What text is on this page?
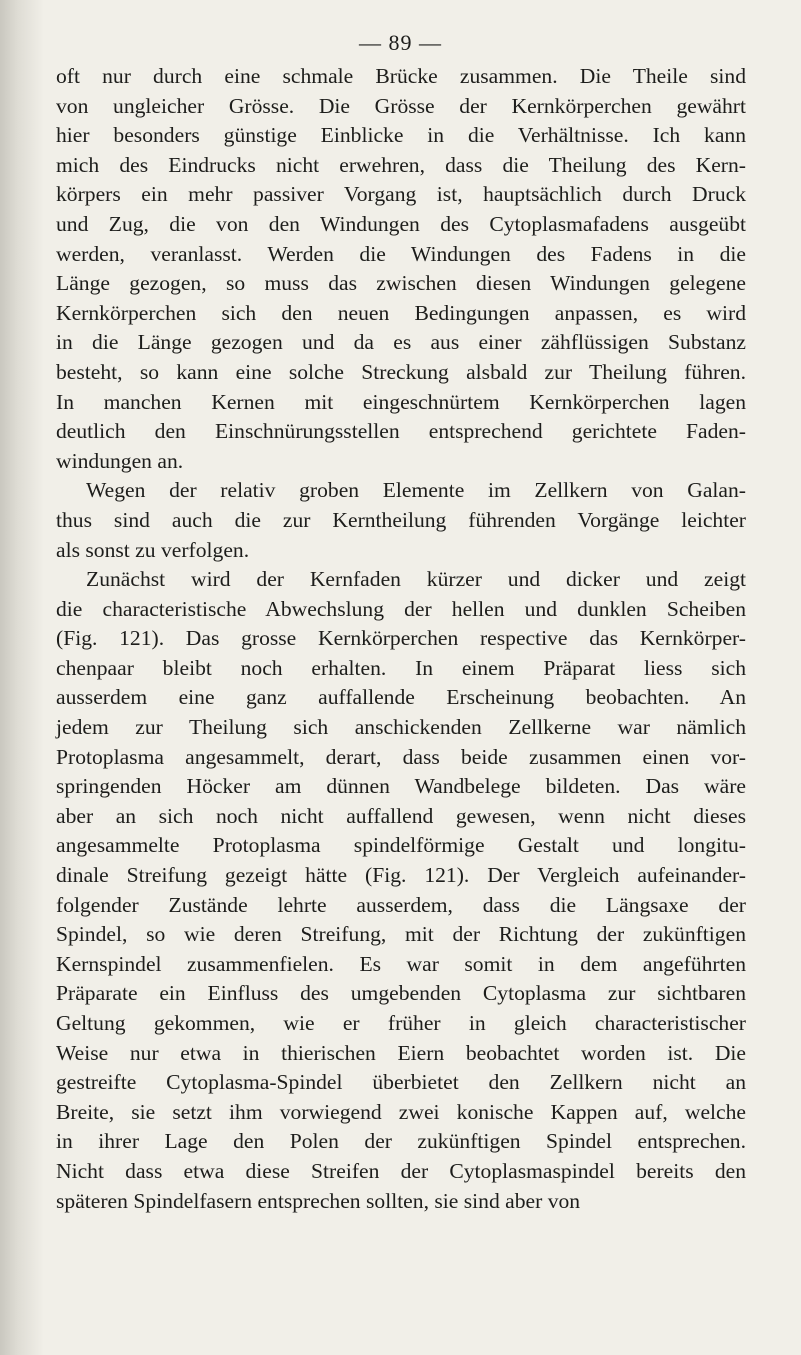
— 89 —
oft nur durch eine schmale Brücke zusammen. Die Theile sind
von ungleicher Grösse. Die Grösse der Kernkörperchen gewährt
hier besonders günstige Einblicke in die Verhältnisse. Ich kann
mich des Eindrucks nicht erwehren, dass die Theilung des Kern-
körpers ein mehr passiver Vorgang ist, hauptsächlich durch Druck
und Zug, die von den Windungen des Cytoplasmafadens ausgeübt
werden, veranlasst. Werden die Windungen des Fadens in die
Länge gezogen, so muss das zwischen diesen Windungen gelegene
Kernkörperchen sich den neuen Bedingungen anpassen, es wird
in die Länge gezogen und da es aus einer zähflüssigen Substanz
besteht, so kann eine solche Streckung alsbald zur Theilung führen.
In manchen Kernen mit eingeschnürtem Kernkörperchen lagen
deutlich den Einschnürungsstellen entsprechend gerichtete Faden-
windungen an.
Wegen der relativ groben Elemente im Zellkern von Galan-
thus sind auch die zur Kerntheilung führenden Vorgänge leichter
als sonst zu verfolgen.
Zunächst wird der Kernfaden kürzer und dicker und zeigt
die characteristische Abwechslung der hellen und dunklen Scheiben
(Fig. 121). Das grosse Kernkörperchen respective das Kernkörper-
chenpaar bleibt noch erhalten. In einem Präparat liess sich
ausserdem eine ganz auffallende Erscheinung beobachten. An
jedem zur Theilung sich anschickenden Zellkerne war nämlich
Protoplasma angesammelt, derart, dass beide zusammen einen vor-
springenden Höcker am dünnen Wandbelege bildeten. Das wäre
aber an sich noch nicht auffallend gewesen, wenn nicht dieses
angesammelte Protoplasma spindelförmige Gestalt und longitu-
dinale Streifung gezeigt hätte (Fig. 121). Der Vergleich aufeinander-
folgender Zustände lehrte ausserdem, dass die Längsaxe der
Spindel, so wie deren Streifung, mit der Richtung der zukünftigen
Kernspindel zusammenfielen. Es war somit in dem angeführten
Präparate ein Einfluss des umgebenden Cytoplasma zur sichtbaren
Geltung gekommen, wie er früher in gleich characteristischer
Weise nur etwa in thierischen Eiern beobachtet worden ist. Die
gestreifte Cytoplasma-Spindel überbietet den Zellkern nicht an
Breite, sie setzt ihm vorwiegend zwei konische Kappen auf, welche
in ihrer Lage den Polen der zukünftigen Spindel entsprechen.
Nicht dass etwa diese Streifen der Cytoplasmaspindel bereits den
späteren Spindelfasern entsprechen sollten, sie sind aber von
